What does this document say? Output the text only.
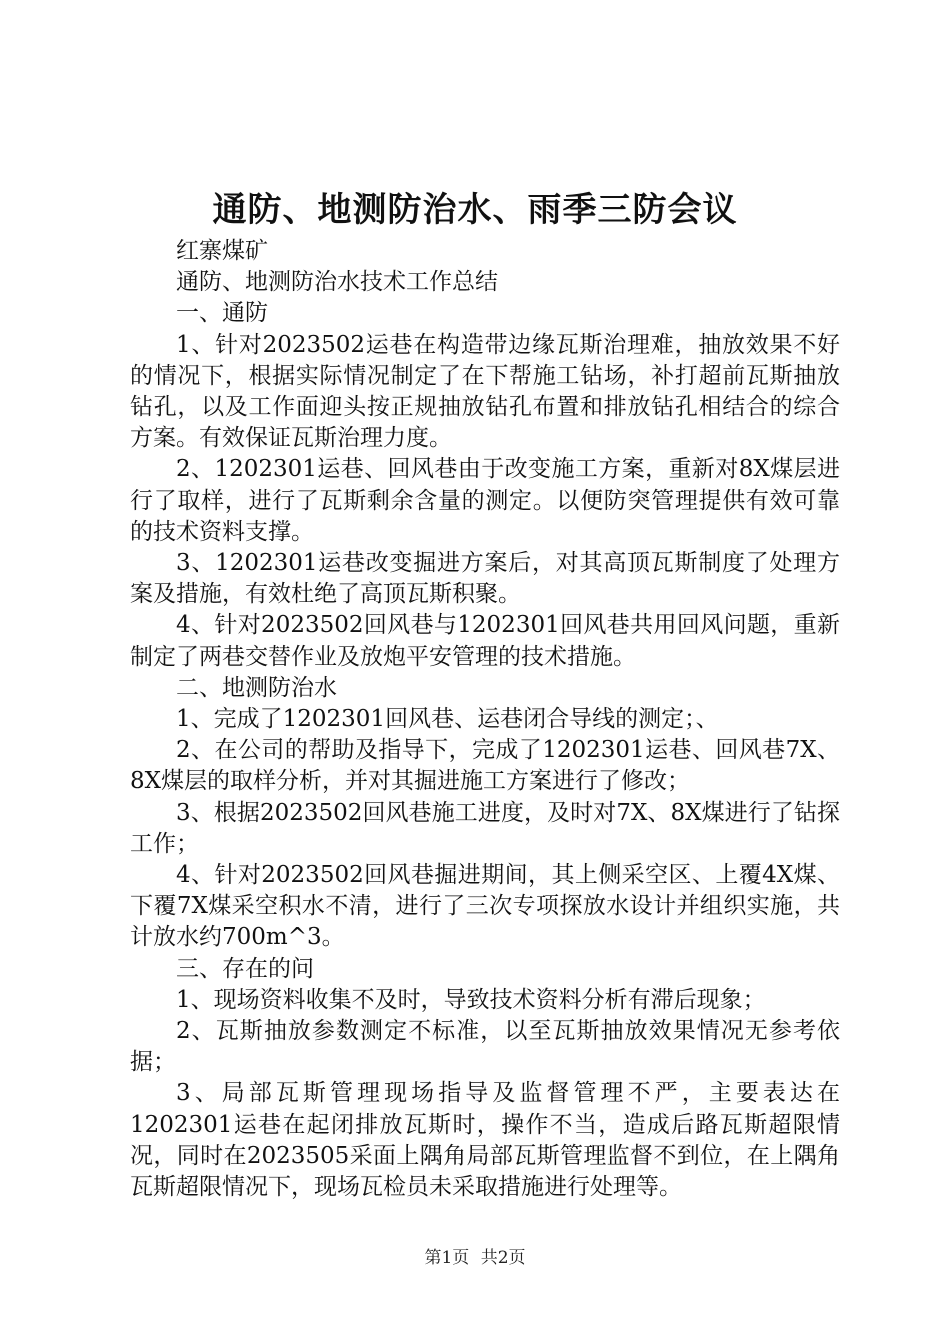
通防、地测防治水、雨季三防会议

红寨煤矿

通防、地测防治水技术工作总结

一、通防

1、针对2023502运巷在构造带边缘瓦斯治理难，抽放效果不好的情况下，根据实际情况制定了在下帮施工钻场，补打超前瓦斯抽放钻孔，以及工作面迎头按正规抽放钻孔布置和排放钻孔相结合的综合方案。有效保证瓦斯治理力度。

2、1202301运巷、回风巷由于改变施工方案，重新对8X煤层进行了取样，进行了瓦斯剩余含量的测定。以便防突管理提供有效可靠的技术资料支撑。

3、1202301运巷改变掘进方案后，对其高顶瓦斯制度了处理方案及措施，有效杜绝了高顶瓦斯积聚。

4、针对2023502回风巷与1202301回风巷共用回风问题，重新制定了两巷交替作业及放炮平安管理的技术措施。

二、地测防治水

1、完成了1202301回风巷、运巷闭合导线的测定；、

2、在公司的帮助及指导下，完成了1202301运巷、回风巷7X、8X煤层的取样分析，并对其掘进施工方案进行了修改；

3、根据2023502回风巷施工进度，及时对7X、8X煤进行了钻探工作；

4、针对2023502回风巷掘进期间，其上侧采空区、上覆4X煤、下覆7X煤采空积水不清，进行了三次专项探放水设计并组织实施，共计放水约700m^3。

三、存在的问

1、现场资料收集不及时，导致技术资料分析有滞后现象；

2、瓦斯抽放参数测定不标准，以至瓦斯抽放效果情况无参考依据；

3、局部瓦斯管理现场指导及监督管理不严，主要表达在1202301运巷在起闭排放瓦斯时，操作不当，造成后路瓦斯超限情况，同时在2023505采面上隅角局部瓦斯管理监督不到位，在上隅角瓦斯超限情况下，现场瓦检员未采取措施进行处理等。

第1页 共2页
